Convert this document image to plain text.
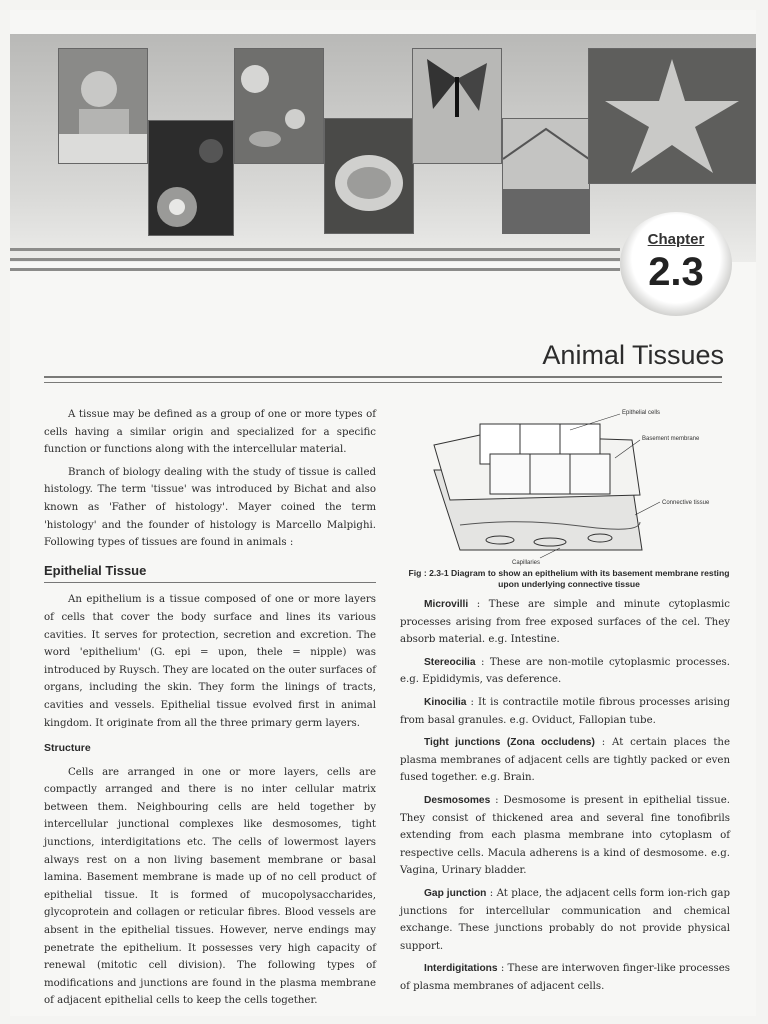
Chapter
2.3
Animal Tissues

A tissue may be defined as a group of one or more types of cells having a similar origin and specialized for a specific function or functions along with the intercellular material.

Branch of biology dealing with the study of tissue is called histology. The term 'tissue' was introduced by Bichat and also known as 'Father of histology'. Mayer coined the term 'histology' and the founder of histology is Marcello Malpighi. Following types of tissues are found in animals :

Epithelial Tissue

An epithelium is a tissue composed of one or more layers of cells that cover the body surface and lines its various cavities. It serves for protection, secretion and excretion. The word 'epithelium' (G. epi = upon, thele = nipple) was introduced by Ruysch. They are located on the outer surfaces of organs, including the skin. They form the linings of tracts, cavities and vessels. Epithelial tissue evolved first in animal kingdom. It originate from all the three primary germ layers.

Structure

Cells are arranged in one or more layers, cells are compactly arranged and there is no inter cellular matrix between them. Neighbouring cells are held together by intercellular junctional complexes like desmosomes, tight junctions, interdigitations etc. The cells of lowermost layers always rest on a non living basement membrane or basal lamina. Basement membrane is made up of no cell product of epithelial tissue. It is formed of mucopolysaccharides, glycoprotein and collagen or reticular fibres. Blood vessels are absent in the epithelial tissues. However, nerve endings may penetrate the epithelium. It possesses very high capacity of renewal (mitotic cell division). The following types of modifications and junctions are found in the plasma membrane of adjacent epithelial cells to keep the cells together.

Epithelial cells
Basement membrane
Connective tissue
Capillaries
Fig : 2.3-1 Diagram to show an epithelium with its basement membrane resting upon underlying connective tissue

Microvilli : These are simple and minute cytoplasmic processes arising from free exposed surfaces of the cel. They absorb material. e.g. Intestine.

Stereocilia : These are non-motile cytoplasmic processes. e.g. Epididymis, vas deference.

Kinocilia : It is contractile motile fibrous processes arising from basal granules. e.g. Oviduct, Fallopian tube.

Tight junctions (Zona occludens) : At certain places the plasma membranes of adjacent cells are tightly packed or even fused together. e.g. Brain.

Desmosomes : Desmosome is present in epithelial tissue. They consist of thickened area and several fine tonofibrils extending from each plasma membrane into cytoplasm of respective cells. Macula adherens is a kind of desmosome. e.g. Vagina, Urinary bladder.

Gap junction : At place, the adjacent cells form ion-rich gap junctions for intercellular communication and chemical exchange. These junctions probably do not provide physical support.

Interdigitations : These are interwoven finger-like processes of plasma membranes of adjacent cells.
